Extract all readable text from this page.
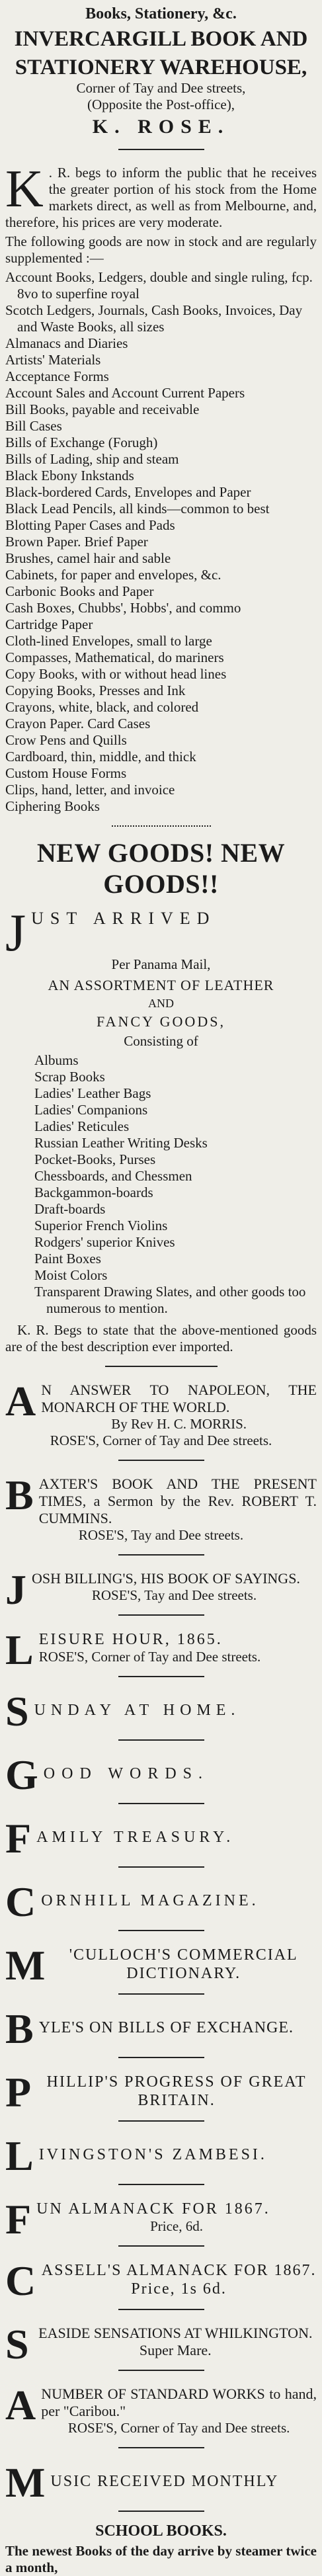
Books, Stationery, &c.
INVERCARGILL BOOK AND
STATIONERY WAREHOUSE,
Corner of Tay and Dee streets,
(Opposite the Post-office),
K. ROSE.
K . R. begs to inform the public that he receives the greater portion of his stock from the Home markets direct, as well as from Melbourne, and, therefore, his prices are very moderate.
The following goods are now in stock and are regularly supplemented :—
Account Books, Ledgers, double and single ruling, fcp. 8vo to superfine royal
Scotch Ledgers, Journals, Cash Books, Invoices, Day and Waste Books, all sizes
Almanacs and Diaries
Artists' Materials
Acceptance Forms
Account Sales and Account Current Papers
Bill Books, payable and receivable
Bill Cases
Bills of Exchange (Forugh)
Bills of Lading, ship and steam
Black Ebony Inkstands
Black-bordered Cards, Envelopes and Paper
Black Lead Pencils, all kinds—common to best
Blotting Paper Cases and Pads
Brown Paper. Brief Paper
Brushes, camel hair and sable
Cabinets, for paper and envelopes, &c.
Carbonic Books and Paper
Cash Boxes, Chubbs', Hobbs', and commo
Cartridge Paper
Cloth-lined Envelopes, small to large
Compasses, Mathematical, do mariners
Copy Books, with or without head lines
Copying Books, Presses and Ink
Crayons, white, black, and colored
Crayon Paper. Card Cases
Crow Pens and Quills
Cardboard, thin, middle, and thick
Custom House Forms
Clips, hand, letter, and invoice
Ciphering Books
NEW GOODS! NEW GOODS!!
J UST ARRIVED
Per Panama Mail,
AN ASSORTMENT OF LEATHER
AND
FANCY GOODS,
Consisting of
Albums
Scrap Books
Ladies' Leather Bags
Ladies' Companions
Ladies' Reticules
Russian Leather Writing Desks
Pocket-Books, Purses
Chessboards, and Chessmen
Backgammon-boards
Draft-boards
Superior French Violins
Rodgers' superior Knives
Paint Boxes
Moist Colors
Transparent Drawing Slates, and other goods too numerous to mention.
K. R. Begs to state that the above-mentioned goods are of the best description ever imported.
A N ANSWER TO NAPOLEON, THE MONARCH OF THE WORLD.
By Rev H. C. MORRIS.
ROSE'S, Corner of Tay and Dee streets.
B AXTER'S BOOK AND THE PRESENT TIMES, a Sermon by the Rev. ROBERT T. CUMMINS.
ROSE'S, Tay and Dee streets.
J OSH BILLING'S, HIS BOOK OF SAYINGS.
ROSE'S, Tay and Dee streets.
L EISURE HOUR, 1865.
ROSE'S, Corner of Tay and Dee streets.
S UNDAY AT HOME.
G OOD WORDS.
F AMILY TREASURY.
C ORNHILL MAGAZINE.
M	'CULLOCH'S COMMERCIAL DICTIONARY.
B YLE'S ON BILLS OF EXCHANGE.
P HILLIP'S PROGRESS OF GREAT BRITAIN.
L IVINGSTON'S ZAMBESI.
F UN ALMANACK FOR 1867.
Price, 6d.
C ASSELL'S ALMANACK FOR 1867. Price, 1s 6d.
S EASIDE SENSATIONS AT WHILKINGTON. Super Mare.
A NUMBER OF STANDARD WORKS to hand, per "Caribou."
ROSE'S, Corner of Tay and Dee streets.
M USIC RECEIVED MONTHLY
SCHOOL BOOKS.
The newest Books of the day arrive by steamer twice a month,
